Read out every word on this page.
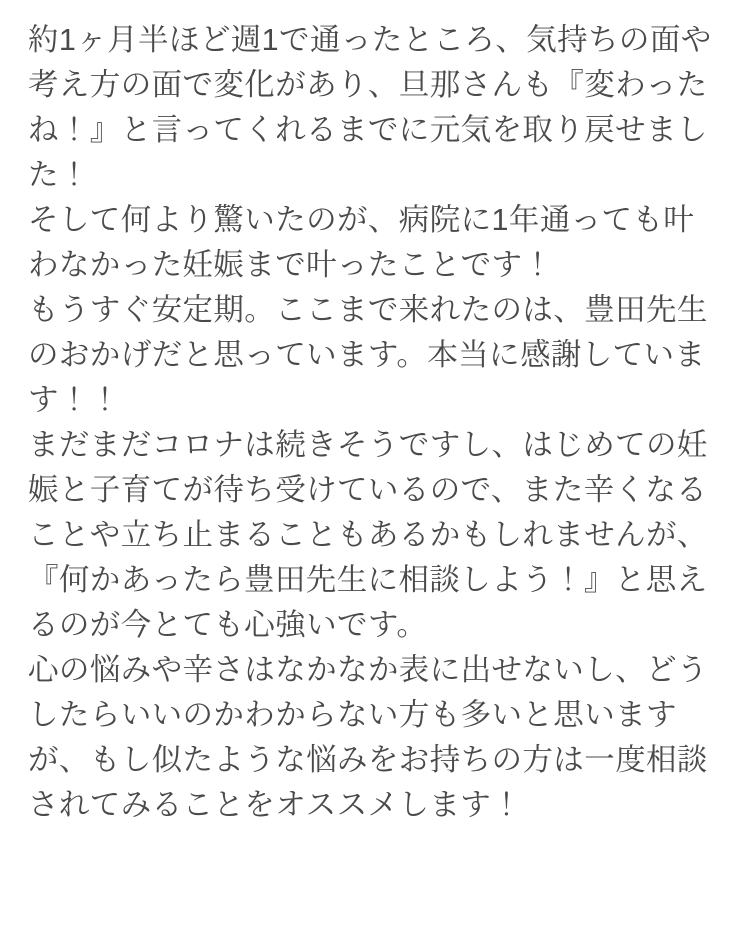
約1ヶ月半ほど週1で通ったところ、気持ちの面や考え方の面で変化があり、旦那さんも『変わったね！』と言ってくれるまでに元気を取り戻せました！

そして何より驚いたのが、病院に1年通っても叶わなかった妊娠まで叶ったことです！

もうすぐ安定期。ここまで来れたのは、豊田先生のおかげだと思っています。本当に感謝しています！！

まだまだコロナは続きそうですし、はじめての妊娠と子育てが待ち受けているので、また辛くなることや立ち止まることもあるかもしれませんが、『何かあったら豊田先生に相談しよう！』と思えるのが今とても心強いです。

心の悩みや辛さはなかなか表に出せないし、どうしたらいいのかわからない方も多いと思いますが、もし似たような悩みをお持ちの方は一度相談されてみることをオススメします！
